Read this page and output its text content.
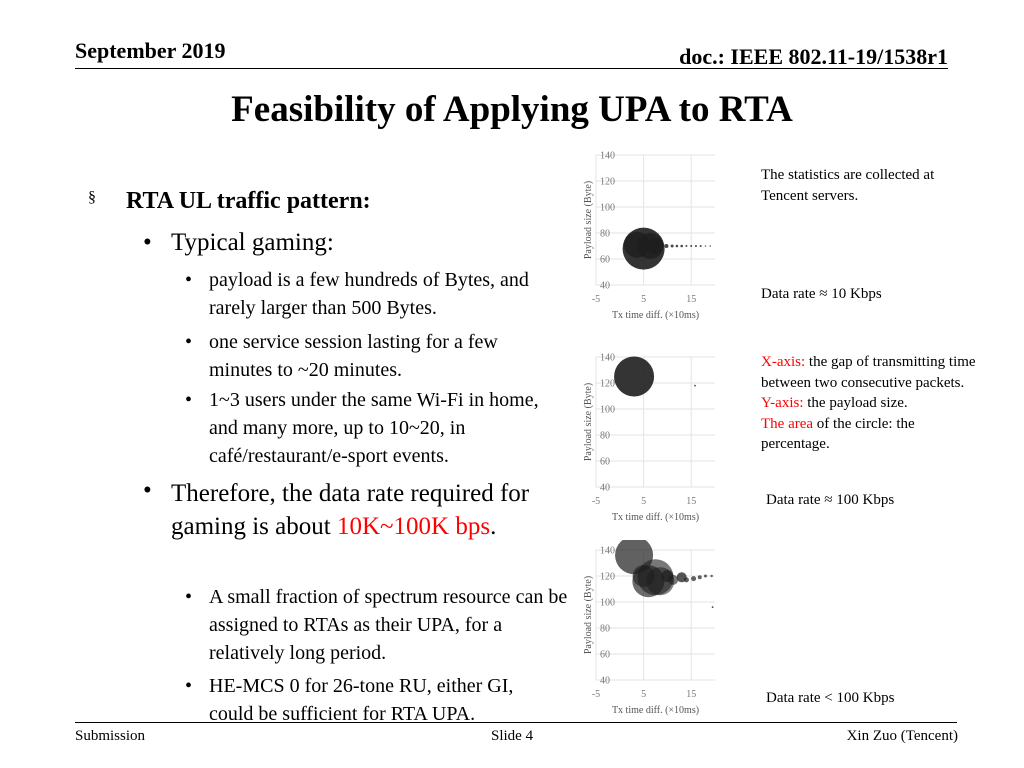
September 2019	doc.: IEEE 802.11-19/1538r1
Feasibility of Applying UPA to RTA
§ RTA UL traffic pattern:
• Typical gaming:
• payload is a few hundreds of Bytes, and rarely larger than 500 Bytes.
• one service session lasting for a few minutes to ~20 minutes.
• 1~3 users under the same Wi-Fi in home, and many more, up to 10~20, in café/restaurant/e-sport events.
• Therefore, the data rate required for gaming is about 10K~100K bps.
• A small fraction of spectrum resource can be assigned to RTAs as their UPA, for a relatively long period.
• HE-MCS 0 for 26-tone RU, either GI, could be sufficient for RTA UPA.
40
60
80
100
120
140
-5	5	15
Tx time diff. (×10ms)
Payload size (Byte)
40
60
80
100
120
140
-5	5	15
Tx time diff. (×10ms)
Payload size (Byte)
40
60
80
100
120
140
-5	5	15
Tx time diff. (×10ms)
Payload size (Byte)
The statistics are collected at Tencent servers.
Data rate ≈ 10 Kbps
X-axis: the gap of transmitting time between two consecutive packets.
Y-axis: the payload size.
The area of the circle: the percentage.
Data rate ≈ 100 Kbps
Data rate < 100 Kbps
Submission	Slide 4	Xin Zuo (Tencent)
